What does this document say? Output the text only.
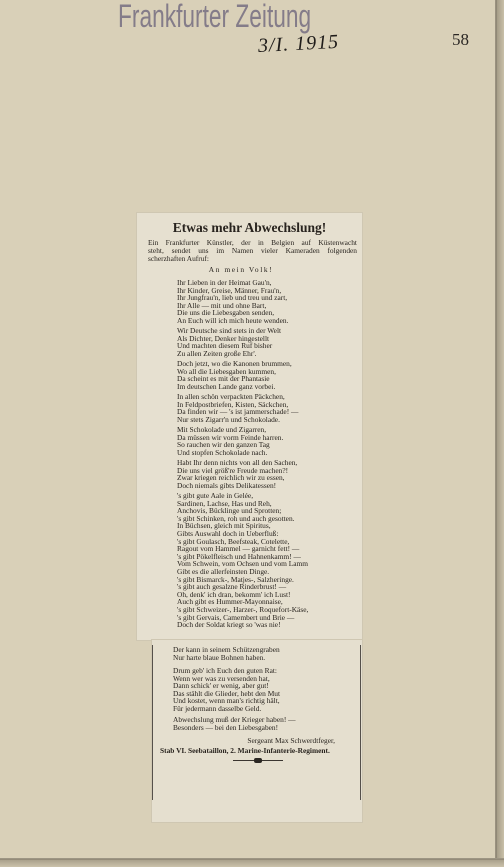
Frankfurter Zeitung
3/I. 1915	58
Etwas mehr Abwechslung!
Ein Frankfurter Künstler, der in Belgien auf Küstenwacht
steht, sendet uns im Namen vieler Kameraden folgenden
scherzhaften Aufruf:
An mein Volk!
Ihr Lieben in der Heimat Gau'n,
Ihr Kinder, Greise, Männer, Frau'n,
Ihr Jungfrau'n, lieb und treu und zart,
Ihr Alle — mit und ohne Bart,
Die uns die Liebesgaben senden,
An Euch will ich mich heute wenden.
Wir Deutsche sind stets in der Welt
Als Dichter, Denker hingestellt
Und machten diesem Ruf bisher
Zu allen Zeiten große Ehr'.
Doch jetzt, wo die Kanonen brummen,
Wo all die Liebesgaben kummen,
Da scheint es mit der Phantasie
Im deutschen Lande ganz vorbei.
In allen schön verpackten Päckchen,
In Feldpostbriefen, Kisten, Säckchen,
Da finden wir — 's ist jammerschade! —
Nur stets Zigarr'n und Schokolade.
Mit Schokolade und Zigarren,
Da müssen wir vorm Feinde harren.
So rauchen wir den ganzen Tag
Und stopfen Schokolade nach.
Habt Ihr denn nichts von all den Sachen,
Die uns viel größ're Freude machen?!
Zwar kriegen reichlich wir zu essen,
Doch niemals gibts Delikatessen!
's gibt gute Aale in Gelée,
Sardinen, Lachse, Has und Reh,
Anchovis, Bücklinge und Sprotten;
's gibt Schinken, roh und auch gesotten.
In Büchsen, gleich mit Spiritus,
Gibts Auswahl doch in Ueberfluß:
's gibt Goulasch, Beefsteak, Cotelette,
Ragout vom Hammel — garnicht fett! —
's gibt Pökelfleisch und Hahnenkamm! —
Vom Schwein, vom Ochsen und vom Lamm
Gibt es die allerfeinsten Dinge.
's gibt Bismarck-, Matjes-, Salzheringe.
's gibt auch gesalzne Rinderbrust! —
Oh, denk' ich dran, bekomm' ich Lust!
Auch gibt es Hummer-Mayonnaise,
's gibt Schweizer-, Harzer-, Roquefort-Käse,
's gibt Gervais, Camembert und Brie —
Doch der Soldat kriegt so 'was nie!
Der kann in seinem Schützengraben
Nur harte blaue Bohnen haben.
Drum geb' ich Euch den guten Rat:
Wenn wer was zu versenden hat,
Dann schick' er wenig, aber gut!
Das stählt die Glieder, hebt den Mut
Und kostet, wenn man's richtig hält,
Für jedermann dasselbe Geld.
Abwechslung muß der Krieger haben! —
Besonders — bei den Liebesgaben!
Sergeant Max Schwerdtfeger,
Stab VI. Seebataillon, 2. Marine-Infanterie-Regiment.
